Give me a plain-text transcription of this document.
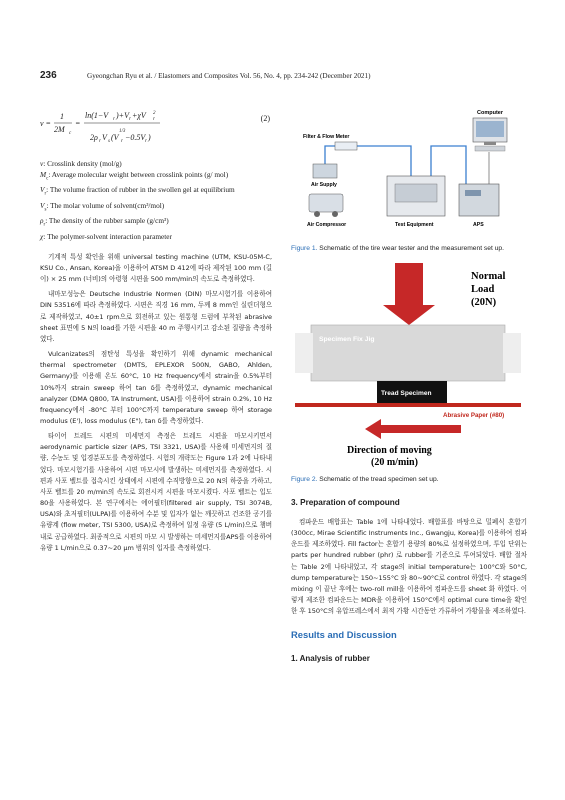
236	Gyeongchan Ryu et al. / Elastomers and Composites Vol. 56, No. 4, pp. 234-242 (December 2021)
v =
1
2M c
=
ln(1−V r )+V r +χV 2
r
2ρ r V s (V
1/3
r −0.5V r )
(2)
v: Crosslink density (mol/g)
$M_c$: Average molecular weight between crosslink points (g/ mol)
$V_r$: The volume fraction of rubber in the swollen gel at equilibrium
$V_s$: The molar volume of solvent(cm³/mol)
$\rho_r$: The density of the rubber sample (g/cm³)
χ: The polymer-solvent interaction parameter

기계적 특성 확인을 위해 universal testing machine (UTM, KSU-05M-C, KSU Co., Ansan, Korea)을 이용하여 ATSM D 412에 따라 제작된 100 mm (길이) × 25 mm (너비)의 아령형 시편을 500 mm/min의 속도로 측정하였다.

내마모성능은 Deutsche Industrie Normen (DIN) 마모시험기를 이용하여 DIN 53516에 따라 측정하였다. 시편은 직경 16 mm, 두께 8 mm인 실린더형으로 제작하였고, 40±1 rpm으로 회전하고 있는 원통형 드럼에 부착된 abrasive sheet 표면에 5 N의 load를 가한 시편을 40 m 주행시키고 감소된 질량을 측정하였다.

Vulcanizates의 점탄성 특성을 확인하기 위해 dynamic mechanical thermal spectrometer (DMTS, EPLEXOR 500N, GABO, Ahlden, Germany)를 이용해 온도 60°C, 10 Hz frequency에서 strain을 0.5%부터 10%까지 strain sweep 하여 tan δ를 측정하였고, dynamic mechanical analyzer (DMA Q800, TA Instrument, USA)를 이용하여 strain 0.2%, 10 Hz frequency에서 -80°C 부터 100°C까지 temperature sweep 하여 storage modulus (E'), loss modulus (E"), tan δ를 측정하였다.

타이어 트레드 시편의 미세먼지 측정은 트레드 시편을 마모시키면서 aerodynamic particle sizer (APS, TSI 3321, USA)를 사용해 미세먼지의 질량, 수농도 및 입경분포도를 측정하였다. 시험의 개략도는 Figure 1과 2에 나타내었다. 마모시험기를 사용하여 시편 마모시에 발생하는 미세먼지를 측정하였다. 시편과 사포 벨트를 접촉시킨 상태에서 시편에 수직방향으로 20 N의 하중을 가하고, 사포 벨트를 20 m/min의 속도로 회전시켜 시편을 마모시켰다. 사포 벨트는 입도 80을 사용하였다. 본 연구에서는 에어필터(filtered air supply, TSI 3074B, USA)와 초저필터(ULPA)를 이용하여 수분 및 입자가 없는 깨끗하고 건조한 공기를 유량계 (flow meter, TSI 5300, USA)로 측정하여 일정 유량 (5 L/min)으로 챔버 내로 공급하였다. 최종적으로 시편의 마모 시 발생하는 미세먼지를APS를 이용하여 유량 1 L/min으로 0.37~20 μm 범위의 입자를 측정하였다.

Computer
Filter & Flow Meter
Air Supply
Air Compressor	Test Equipment	APS

Figure 1. Schematic of the tire wear tester and the measurement set up.

Normal
Load
(20N)
Specimen Fix Jig
Tread Specimen
Abrasive Paper (#80)
Direction of moving
(20 m/min)

Figure 2. Schematic of the tread specimen set up.

3. Preparation of compound

컴파운드 배합표는 Table 1에 나타내었다. 배합표를 바탕으로 밀폐식 혼합기(300cc, Mirae Scientific Instruments Inc., Gwangju, Korea)를 이용하여 컴파운드를 제조하였다. Fill factor는 혼합기 용량의 80%로 설정하였으며, 투입 단위는 parts per hundred rubber (phr) 로 rubber를 기준으로 투여되었다. 배합 절차는 Table 2에 나타내었고, 각 stage의 initial temperature는 100°C와 50°C, dump temperature는 150~155°C 와 80~90°C로 control 하였다. 각 stage의 mixing 이 끝난 후에는 two-roll mill을 이용하여 컴파운드를 sheet 화 하였다. 이렇게 제조한 컴파운드는 MDR을 이용하여 150°C에서 optimal cure time을 확인한 후 150°C의 유압프레스에서 최적 가황 시간동안 가류하여 가황물을 제조하였다.

Results and Discussion
1. Analysis of rubber
